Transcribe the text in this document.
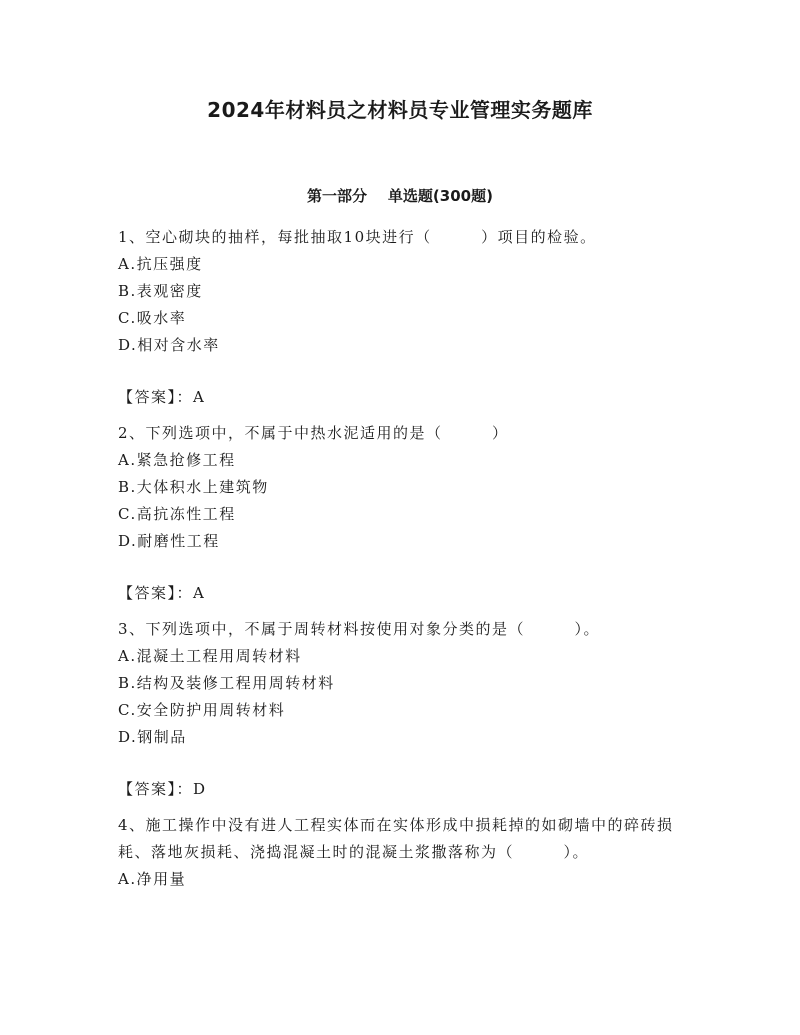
2024年材料员之材料员专业管理实务题库
第一部分    单选题(300题)

1、空心砌块的抽样，每批抽取10块进行（　　　）项目的检验。

A.抗压强度

B.表观密度

C.吸水率

D.相对含水率

【答案】：A

2、下列选项中，不属于中热水泥适用的是（　　　）

A.紧急抢修工程

B.大体积水上建筑物

C.高抗冻性工程

D.耐磨性工程

【答案】：A

3、下列选项中，不属于周转材料按使用对象分类的是（　　　）。

A.混凝土工程用周转材料

B.结构及装修工程用周转材料

C.安全防护用周转材料

D.钢制品

【答案】：D

4、施工操作中没有进人工程实体而在实体形成中损耗掉的如砌墙中的碎砖损耗、落地灰损耗、浇捣混凝土时的混凝土浆撒落称为（　　　）。

A.净用量
